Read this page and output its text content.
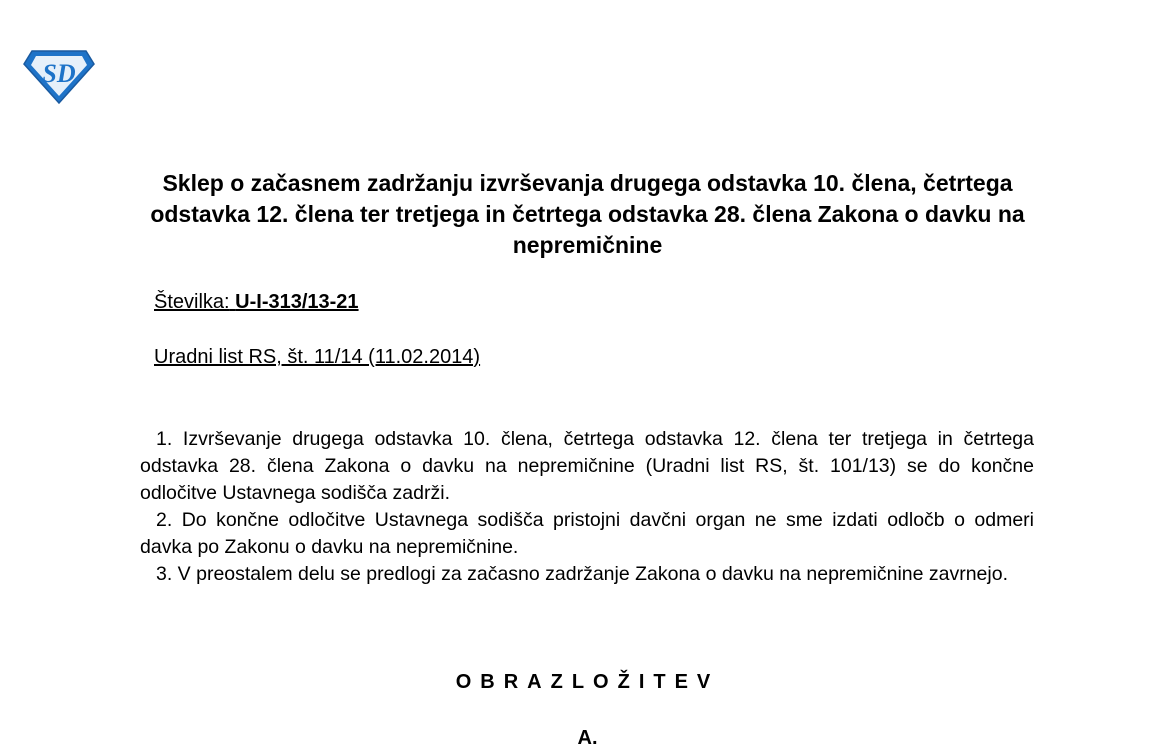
SD
Sklep o začasnem zadržanju izvrševanja drugega odstavka 10. člena, četrtega odstavka 12. člena ter tretjega in četrtega odstavka 28. člena Zakona o davku na nepremičnine
Številka: U-I-313/13-21
Uradni list RS, št. 11/14 (11.02.2014)

1. Izvrševanje drugega odstavka 10. člena, četrtega odstavka 12. člena ter tretjega in četrtega odstavka 28. člena Zakona o davku na nepremičnine (Uradni list RS, št. 101/13) se do končne odločitve Ustavnega sodišča zadrži.

2. Do končne odločitve Ustavnega sodišča pristojni davčni organ ne sme izdati odločb o odmeri davka po Zakonu o davku na nepremičnine.

3. V preostalem delu se predlogi za začasno zadržanje Zakona o davku na nepremičnine zavrnejo.

OBRAZLOŽITEV
A.
